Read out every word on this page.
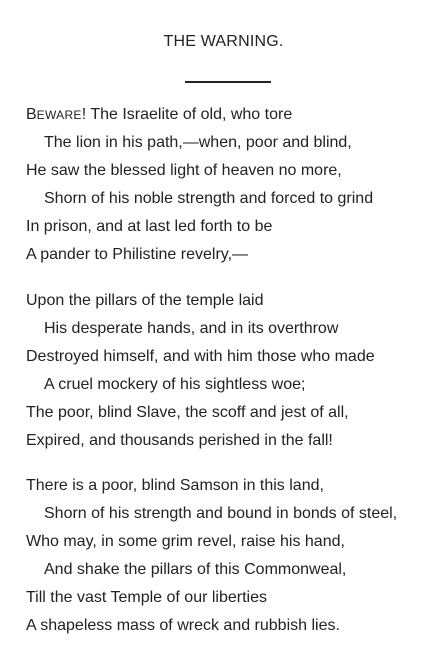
THE WARNING.
BEWARE! The Israelite of old, who tore
The lion in his path,—when, poor and blind,
He saw the blessed light of heaven no more,
Shorn of his noble strength and forced to grind
In prison, and at last led forth to be
A pander to Philistine revelry,—
Upon the pillars of the temple laid
His desperate hands, and in its overthrow
Destroyed himself, and with him those who made
A cruel mockery of his sightless woe;
The poor, blind Slave, the scoff and jest of all,
Expired, and thousands perished in the fall!
There is a poor, blind Samson in this land,
Shorn of his strength and bound in bonds of steel,
Who may, in some grim revel, raise his hand,
And shake the pillars of this Commonweal,
Till the vast Temple of our liberties
A shapeless mass of wreck and rubbish lies.
